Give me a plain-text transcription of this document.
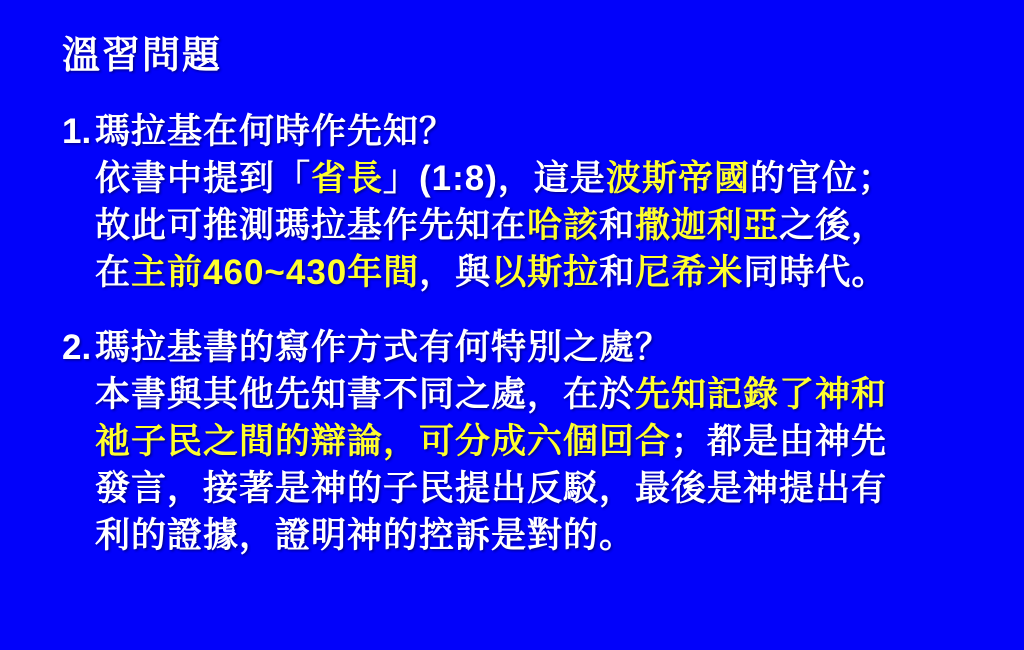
溫習問題
1. 瑪拉基在何時作先知？
依書中提到「省長」(1:8)，這是波斯帝國的官位；
故此可推測瑪拉基作先知在哈該和撒迦利亞之後，
在主前460~430年間，與以斯拉和尼希米同時代。
2. 瑪拉基書的寫作方式有何特別之處？
本書與其他先知書不同之處，在於先知記錄了神和
祂子民之間的辯論，可分成六個回合；都是由神先
發言，接著是神的子民提出反駁，最後是神提出有
利的證據，證明神的控訴是對的。
